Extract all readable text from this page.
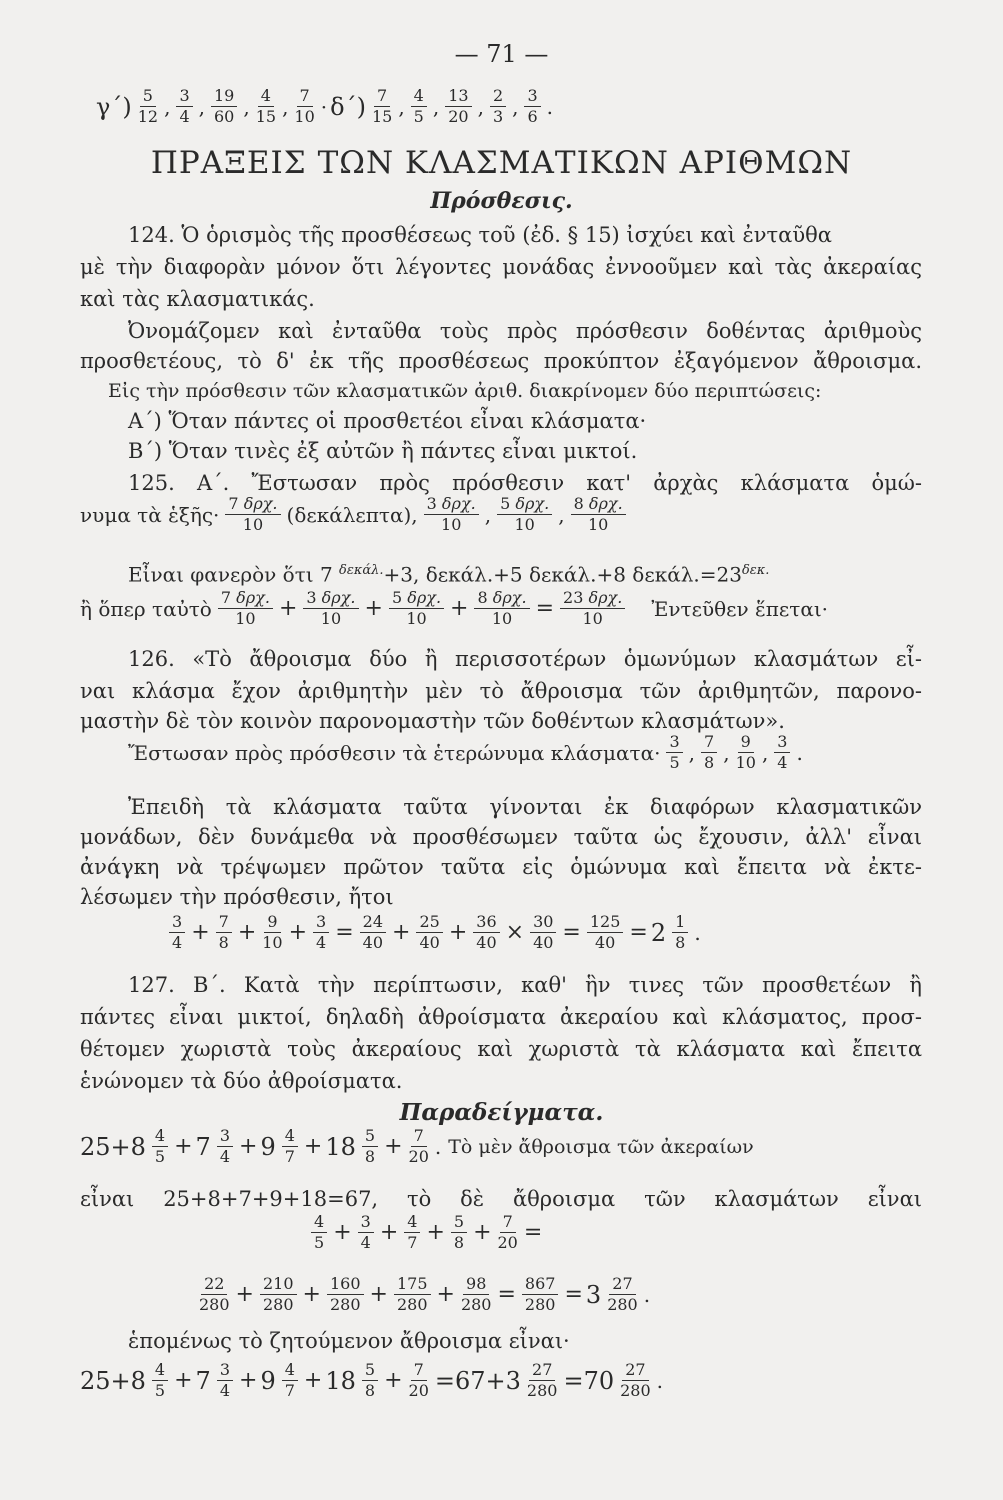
— 71 —
$\gamma΄) \frac{5}{12}$ , $\frac{3}{4}$ , $\frac{19}{60}$ , $\frac{4}{15}$ , $\frac{7}{10} \cdot \delta΄) \frac{7}{15}$ , $\frac{4}{5}$ , $\frac{13}{20}$ , $\frac{2}{3}$ , $\frac{3}{6}$ .
ΠΡΑΞΕΙΣ ΤΩΝ ΚΛΑΣΜΑΤΙΚΩΝ ΑΡΙΘΜΩΝ
Πρόσθεσις.
124. Ὁ ὁρισμὸς τῆς προσθέσεως τοῦ (ἐδ. § 15) ἰσχύει καὶ ἐνταῦθα
μὲ τὴν διαφορὰν μόνον ὅτι λέγοντες μονάδας ἐννοοῦμεν καὶ τὰς ἀκεραίας
καὶ τὰς κλασματικάς.
Ὀνομάζομεν καὶ ἐνταῦθα τοὺς πρὸς πρόσθεσιν δοθέντας ἀριθμοὺς
προσθετέους, τὸ δ' ἐκ τῆς προσθέσεως προκύπτον ἐξαγόμενον ἄθροισμα.
Εἰς τὴν πρόσθεσιν τῶν κλασματικῶν ἀριθ. διακρίνομεν δύο περιπτώσεις:
Α΄) Ὅταν πάντες οἱ προσθετέοι εἶναι κλάσματα·
Β΄) Ὅταν τινὲς ἐξ αὐτῶν ἢ πάντες εἶναι μικτοί.
125. Α΄. Ἔστωσαν πρὸς πρόσθεσιν κατ' ἀρχὰς κλάσματα ὁμώ-
νυμα τὰ ἑξῆς· $\frac{\text{7 δρχ.}}{10} (\delta\varepsilon\kappa ά\lambda\varepsilon\pi\tau\alpha)$, $\frac{\text{3 δρχ.}}{10}$ , $\frac{\text{5 δρχ.}}{10}$ , $\frac{\text{8 δρχ.}}{10}$
Εἶναι φανερὸν ὅτι 7 $^{\delta\varepsilon\kappa ά\lambda.}$+3, δεκάλ.+5 δεκάλ.+8 $\delta\varepsilon\kappa ά\lambda.=23^{\delta\varepsilon\kappa.}$
ἢ ὅπερ ταὐτὸ $\frac{\text{7 δρχ.}}{10} + \frac{\text{3 δρχ.}}{10} + \frac{\text{5 δρχ.}}{10} + \frac{\text{8 δρχ.}}{10} = \frac{\text{23 δρχ.}}{10}$ Ἐντεῦθεν ἕπεται·
126. «Τὸ ἄθροισμα δύο ἢ περισσοτέρων ὁμωνύμων κλασμάτων εἶ-
ναι κλάσμα ἔχον ἀριθμητὴν μὲν τὸ ἄθροισμα τῶν ἀριθμητῶν, παρονο-
μαστὴν δὲ τὸν κοινὸν παρονομαστὴν τῶν δοθέντων κλασμάτων».
Ἔστωσαν πρὸς πρόσθεσιν τὰ ἑτερώνυμα $\kappa\lambda ά\sigma\mu\alpha\tau\alpha\cdot \frac{3}{5}$ , $\frac{7}{8}$ , $\frac{9}{10}$ , $\frac{3}{4}$ .
Ἐπειδὴ τὰ κλάσματα ταῦτα γίνονται ἐκ διαφόρων κλασματικῶν
μονάδων, δὲν δυνάμεθα νὰ προσθέσωμεν ταῦτα ὡς ἔχουσιν, ἀλλ' εἶναι
ἀνάγκη νὰ τρέψωμεν πρῶτον ταῦτα εἰς ὁμώνυμα καὶ ἔπειτα νὰ ἐκτε-
λέσωμεν τὴν πρόσθεσιν, ἤτοι
$\frac{3}{4} + \frac{7}{8} + \frac{9}{10} + \frac{3}{4} = \frac{24}{40} + \frac{25}{40} + \frac{36}{40} \times \frac{30}{40} = \frac{125}{40} = 2 \frac{1}{8}$ .
127. Β΄. Κατὰ τὴν περίπτωσιν, καθ' ἣν τινες τῶν προσθετέων ἢ
πάντες εἶναι μικτοί, δηλαδὴ ἀθροίσματα ἀκεραίου καὶ κλάσματος, προσ-
θέτομεν χωριστὰ τοὺς ἀκεραίους καὶ χωριστὰ τὰ κλάσματα καὶ ἔπειτα
ἑνώνομεν τὰ δύο ἀθροίσματα.
Παραδείγματα.
$25+8 \frac{4}{5} + 7 \frac{3}{4} + 9 \frac{4}{7} + 18 \frac{5}{8} + \frac{7}{20}$ . Τὸ μὲν ἄθροισμα τῶν ἀκεραίων
εἶναι 25+8+7+9+18=67, τὸ δὲ ἄθροισμα τῶν κλασμάτων εἶναι
$\frac{4}{5} + \frac{3}{4} + \frac{4}{7} + \frac{5}{8} + \frac{7}{20}$ =
$\frac{22}{280} + \frac{210}{280} + \frac{160}{280} + \frac{175}{280} + \frac{98}{280} = \frac{867}{280} = 3 \frac{27}{280}$ .
ἑπομένως τὸ ζητούμενον ἄθροισμα εἶναι·
$25+8 \frac{4}{5} + 7 \frac{3}{4} + 9 \frac{4}{7} + 18 \frac{5}{8} + \frac{7}{20} =67+3 \frac{27}{280} =70 \frac{27}{280}$ .
